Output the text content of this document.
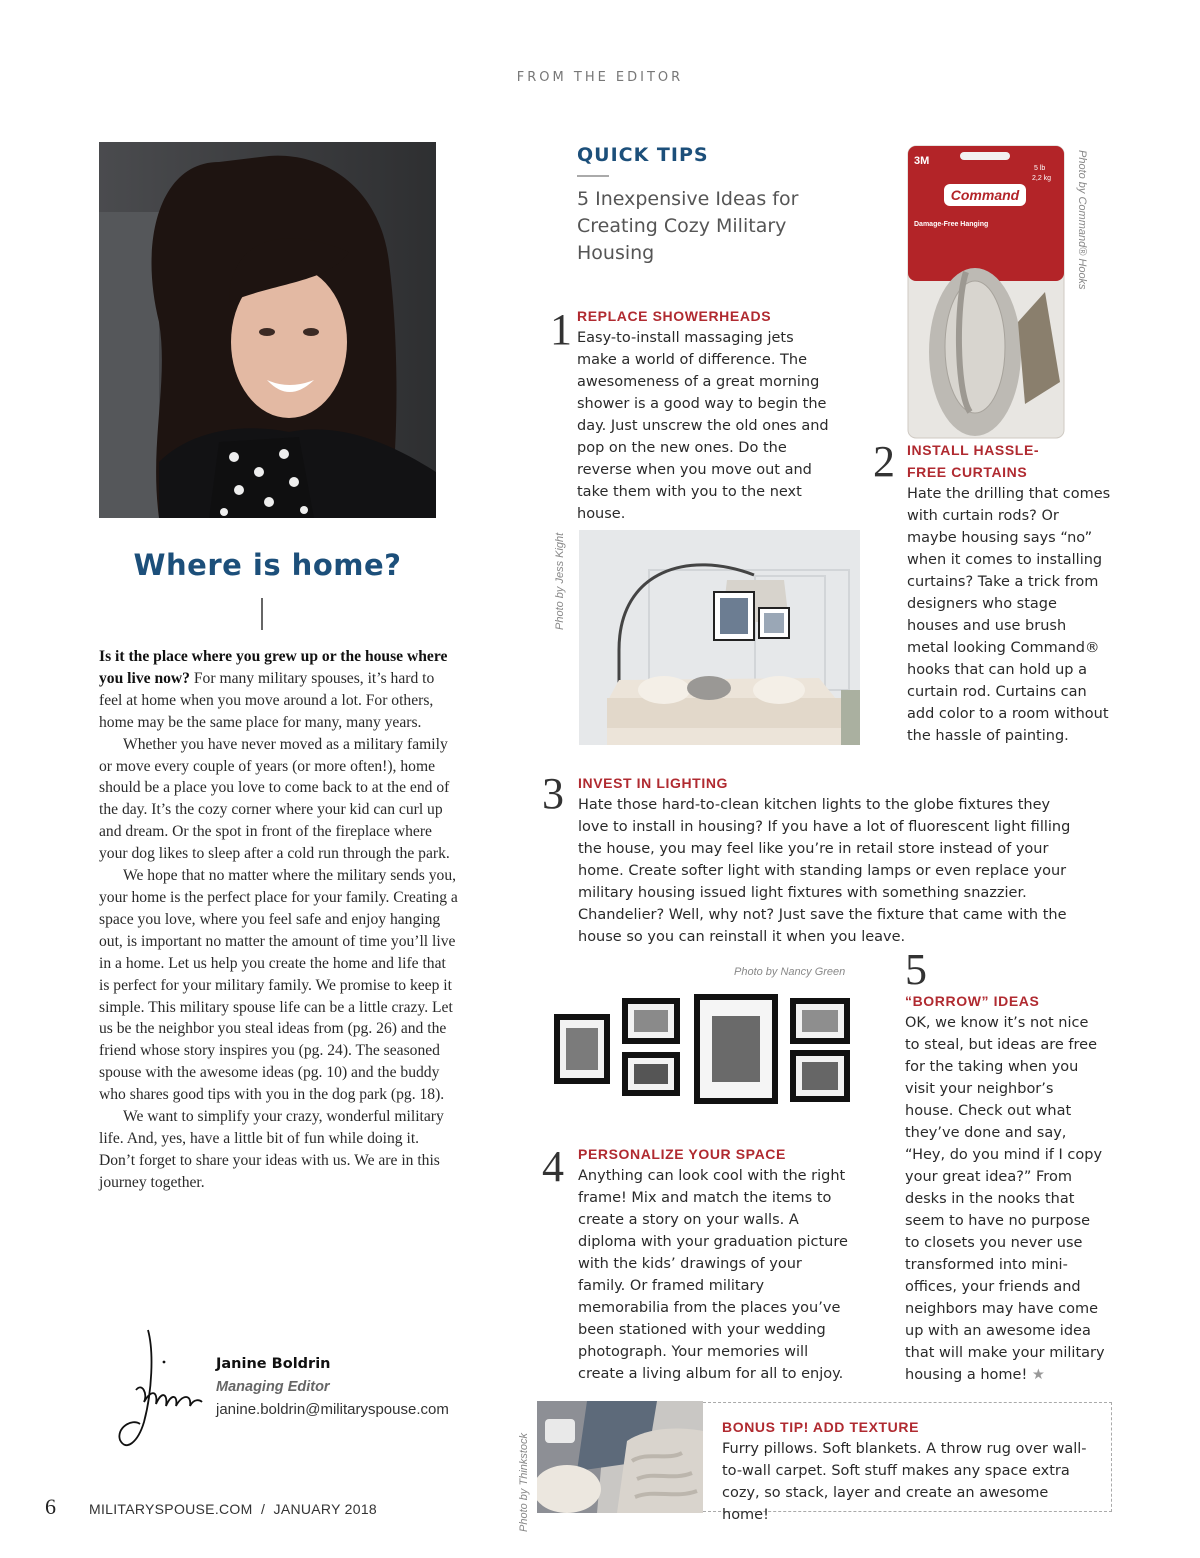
FROM THE EDITOR
Where is home?

Is it the place where you grew up or the house where you live now? For many military spouses, it’s hard to feel at home when you move around a lot. For others, home may be the same place for many, many years.

Whether you have never moved as a military family or move every couple of years (or more often!), home should be a place you love to come back to at the end of the day. It’s the cozy corner where your kid can curl up and dream. Or the spot in front of the fireplace where your dog likes to sleep after a cold run through the park.

We hope that no matter where the military sends you, your home is the perfect place for your family. Creating a space you love, where you feel safe and enjoy hanging out, is important no matter the amount of time you’ll live in a home. Let us help you create the home and life that is perfect for your military family. We promise to keep it simple. This military spouse life can be a little crazy. Let us be the neighbor you steal ideas from (pg. 26) and the friend whose story inspires you (pg. 24). The seasoned spouse with the awesome ideas (pg. 10) and the buddy who shares good tips with you in the dog park (pg. 18).

We want to simplify your crazy, wonderful military life. And, yes, have a little bit of fun while doing it. Don’t forget to share your ideas with us. We are in this journey together.

Janine Boldrin
Managing Editor
janine.boldrin@militaryspouse.com
6 MILITARYSPOUSE.COM  /  JANUARY 2018
QUICK TIPS
5 Inexpensive Ideas for Creating Cozy Military Housing
3M
5 lb
2,2 kg
Command
Damage-Free Hanging	Photo by Command® Hooks
1 REPLACE SHOWERHEADS
Easy-to-install massaging jets make a world of difference. The awesomeness of a great morning shower is a good way to begin the day. Just unscrew the old ones and pop on the new ones. Do the reverse when you move out and take them with you to the next house.
2 INSTALL HASSLE-FREE CURTAINS
Hate the drilling that comes with curtain rods? Or maybe housing says “no” when it comes to installing curtains? Take a trick from designers who stage houses and use brush metal looking Command® hooks that can hold up a curtain rod. Curtains can add color to a room without the hassle of painting.
Photo by Jess Kight
3 INVEST IN LIGHTING
Hate those hard-to-clean kitchen lights to the globe fixtures they love to install in housing? If you have a lot of fluorescent light filling the house, you may feel like you’re in retail store instead of your home. Create softer light with standing lamps or even replace your military housing issued light fixtures with something snazzier. Chandelier? Well, why not? Just save the fixture that came with the house so you can reinstall it when you leave.
Photo by Nancy Green
4 PERSONALIZE YOUR SPACE
Anything can look cool with the right frame! Mix and match the items to create a story on your walls. A diploma with your graduation picture with the kids’ drawings of your family. Or framed military memorabilia from the places you’ve been stationed with your wedding photograph. Your memories will create a living album for all to enjoy.
5
“BORROW” IDEAS
OK, we know it’s not nice to steal, but ideas are free for the taking when you visit your neighbor’s house. Check out what they’ve done and say, “Hey, do you mind if I copy your great idea?” From desks in the nooks that seem to have no purpose to closets you never use transformed into mini-offices, your friends and neighbors may have come up with an awesome idea that will make your military housing a home! ★
Photo by Thinkstock
BONUS TIP! ADD TEXTURE
Furry pillows. Soft blankets. A throw rug over wall-to-wall carpet. Soft stuff makes any space extra cozy, so stack, layer and create an awesome home!
